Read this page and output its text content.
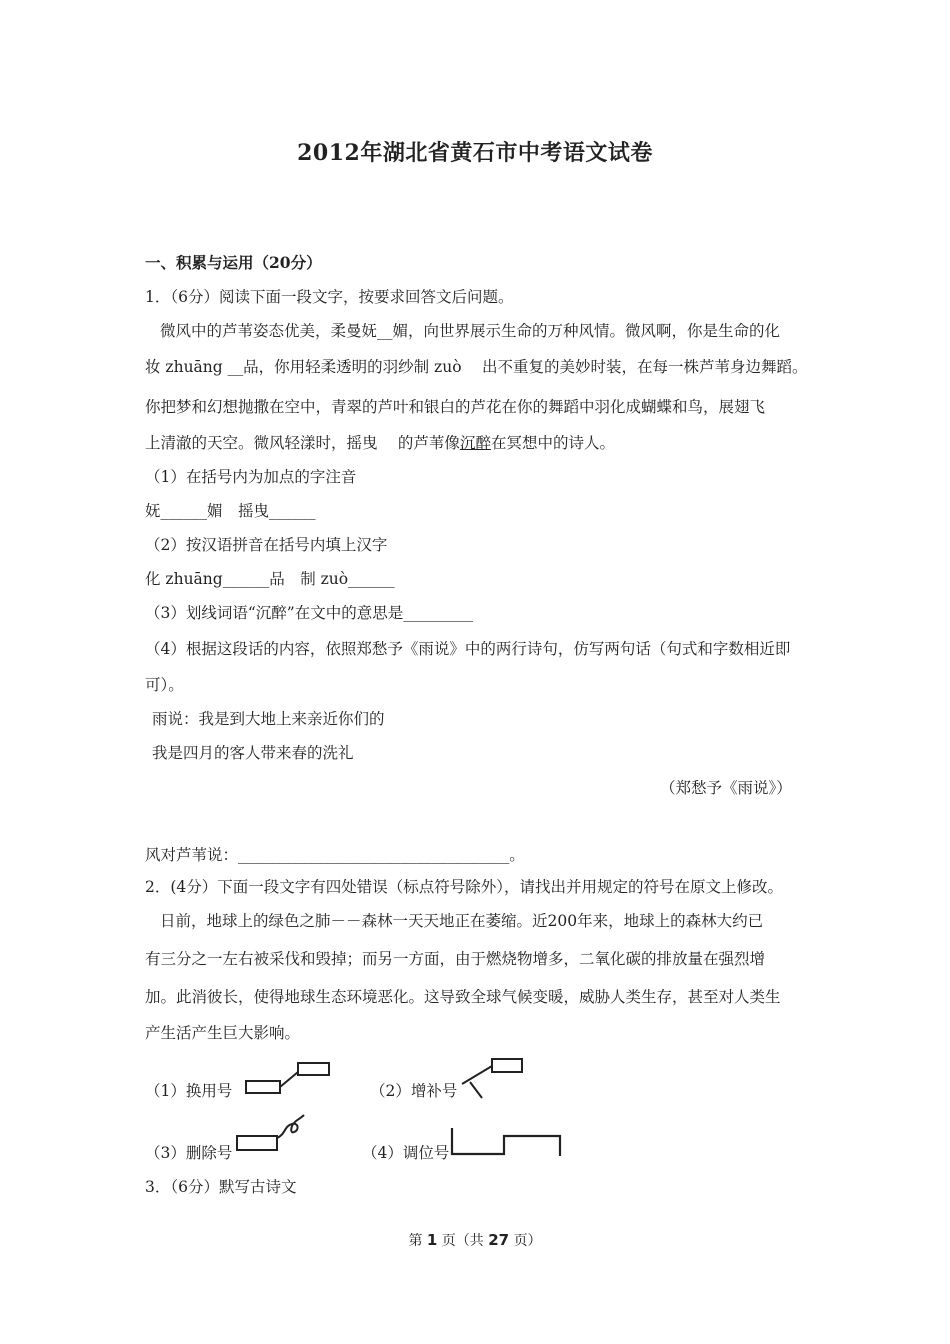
2012年湖北省黄石市中考语文试卷
一、积累与运用（20分）
1．（6分）阅读下面一段文字，按要求回答文后问题。
微风中的芦苇姿态优美，柔曼妩__媚，向世界展示生命的万种风情。微风啊，你是生命的化
妆 zhuāng __品，你用轻柔透明的羽纱制 zuò　 出不重复的美妙时装，在每一株芦苇身边舞蹈。
你把梦和幻想抛撒在空中，青翠的芦叶和银白的芦花在你的舞蹈中羽化成蝴蝶和鸟，展翅飞
上清澈的天空。微风轻漾时，摇曳　 的芦苇像沉醉在冥想中的诗人。
（1）在括号内为加点的字注音
妩______媚　摇曳______
（2）按汉语拼音在括号内填上汉字
化 zhuāng______品　制 zuò______
（3）划线词语“沉醉”在文中的意思是_________
（4）根据这段话的内容，依照郑愁予《雨说》中的两行诗句，仿写两句话（句式和字数相近即
可）。
雨说：我是到大地上来亲近你们的
我是四月的客人带来春的洗礼
（郑愁予《雨说》）
风对芦苇说：___________________________________。
2．(4分）下面一段文字有四处错误（标点符号除外），请找出并用规定的符号在原文上修改。
日前，地球上的绿色之肺－－森林一天天地正在萎缩。近200年来，地球上的森林大约已
有三分之一左右被采伐和毁掉；而另一方面，由于燃烧物增多，二氧化碳的排放量在强烈增
加。此消彼长，使得地球生态环境恶化。这导致全球气候变暖，威胁人类生存，甚至对人类生
产生活产生巨大影响。
（1）换用号	（2）增补号
（3）删除号	（4）调位号
3．（6分）默写古诗文
第 1 页（共 27 页）
